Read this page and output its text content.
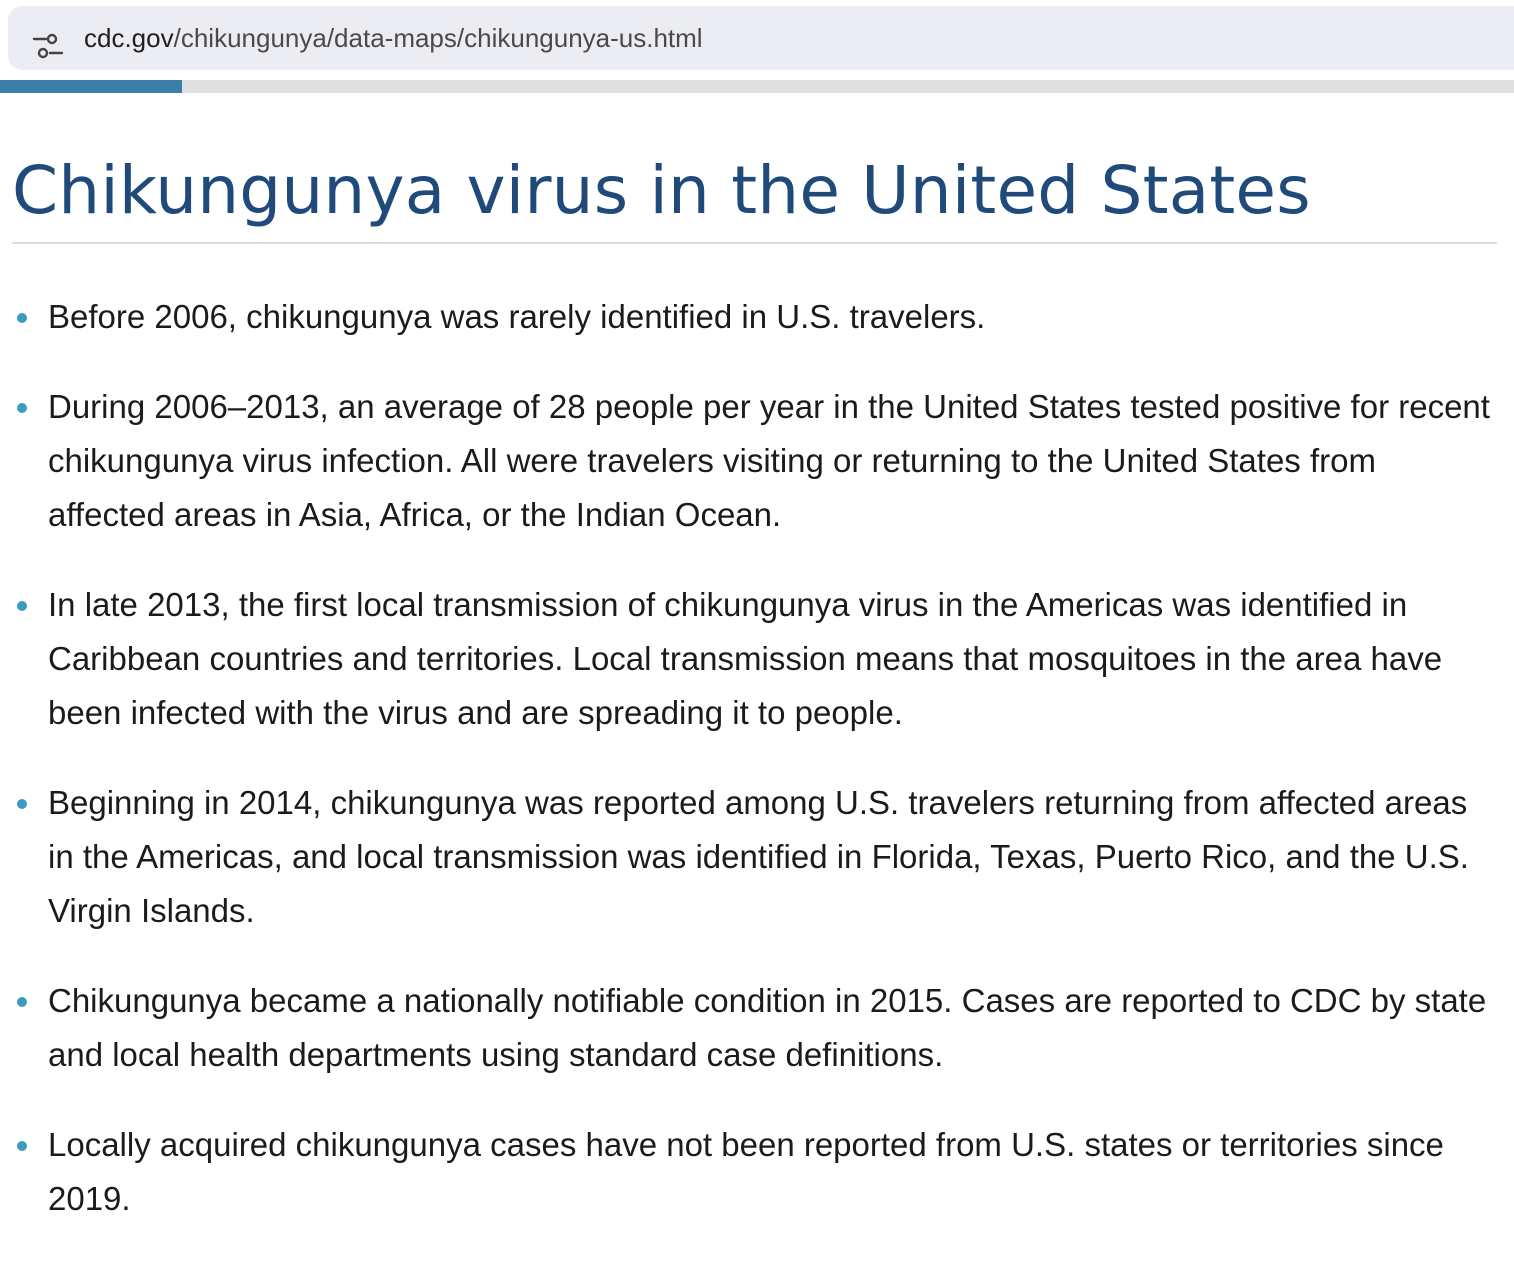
cdc.gov/chikungunya/data-maps/chikungunya-us.html
Chikungunya virus in the United States
Before 2006, chikungunya was rarely identified in U.S. travelers.
During 2006–2013, an average of 28 people per year in the United States tested positive for recent chikungunya virus infection. All were travelers visiting or returning to the United States from affected areas in Asia, Africa, or the Indian Ocean.
In late 2013, the first local transmission of chikungunya virus in the Americas was identified in Caribbean countries and territories. Local transmission means that mosquitoes in the area have been infected with the virus and are spreading it to people.
Beginning in 2014, chikungunya was reported among U.S. travelers returning from affected areas in the Americas, and local transmission was identified in Florida, Texas, Puerto Rico, and the U.S. Virgin Islands.
Chikungunya became a nationally notifiable condition in 2015. Cases are reported to CDC by state and local health departments using standard case definitions.
Locally acquired chikungunya cases have not been reported from U.S. states or territories since 2019.
